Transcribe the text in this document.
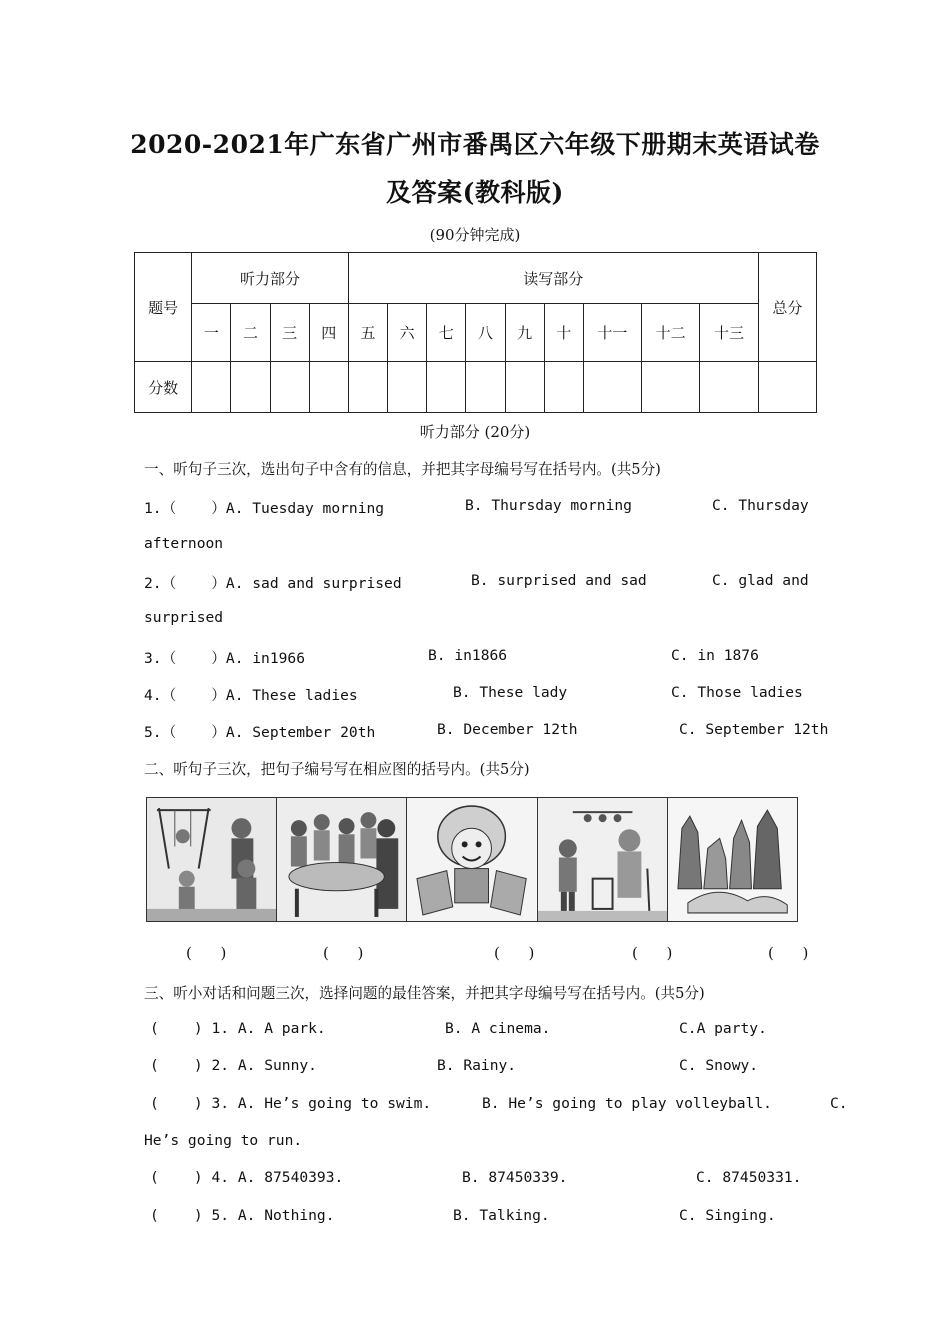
2020-2021年广东省广州市番禺区六年级下册期末英语试卷
及答案(教科版)
(90分钟完成)
题号	听力部分				读写部分									总分
	一	二	三	四	五	六	七	八	九	十	十一	十二	十三	
分数														
听力部分 (20分)
一、听句子三次，选出句子中含有的信息，并把其字母编号写在括号内。(共5分)
1.（    ）A. Tuesday morning	B. Thursday morning	C. Thursday
afternoon
2.（    ）A. sad and surprised	B. surprised and sad	C. glad and
surprised
3.（    ）A. in1966	B. in1866	C. in 1876
4.（    ）A. These ladies	B. These lady	C. Those ladies
5.（    ）A. September 20th	B. December 12th	C. September 12th
二、听句子三次，把句子编号写在相应图的括号内。(共5分)
(      )	(      )	(      )	(      )	(      )
三、听小对话和问题三次，选择问题的最佳答案，并把其字母编号写在括号内。(共5分)
(    ) 1. A. A park.	B. A cinema.	C.A party.
(    ) 2. A. Sunny.	B. Rainy.	C. Snowy.
(    ) 3. A. He’s going to swim.	B. He’s going to play volleyball.	C.
He’s going to run.
(    ) 4. A. 87540393.	B. 87450339.	C. 87450331.
(    ) 5. A. Nothing.	B. Talking.	C. Singing.
